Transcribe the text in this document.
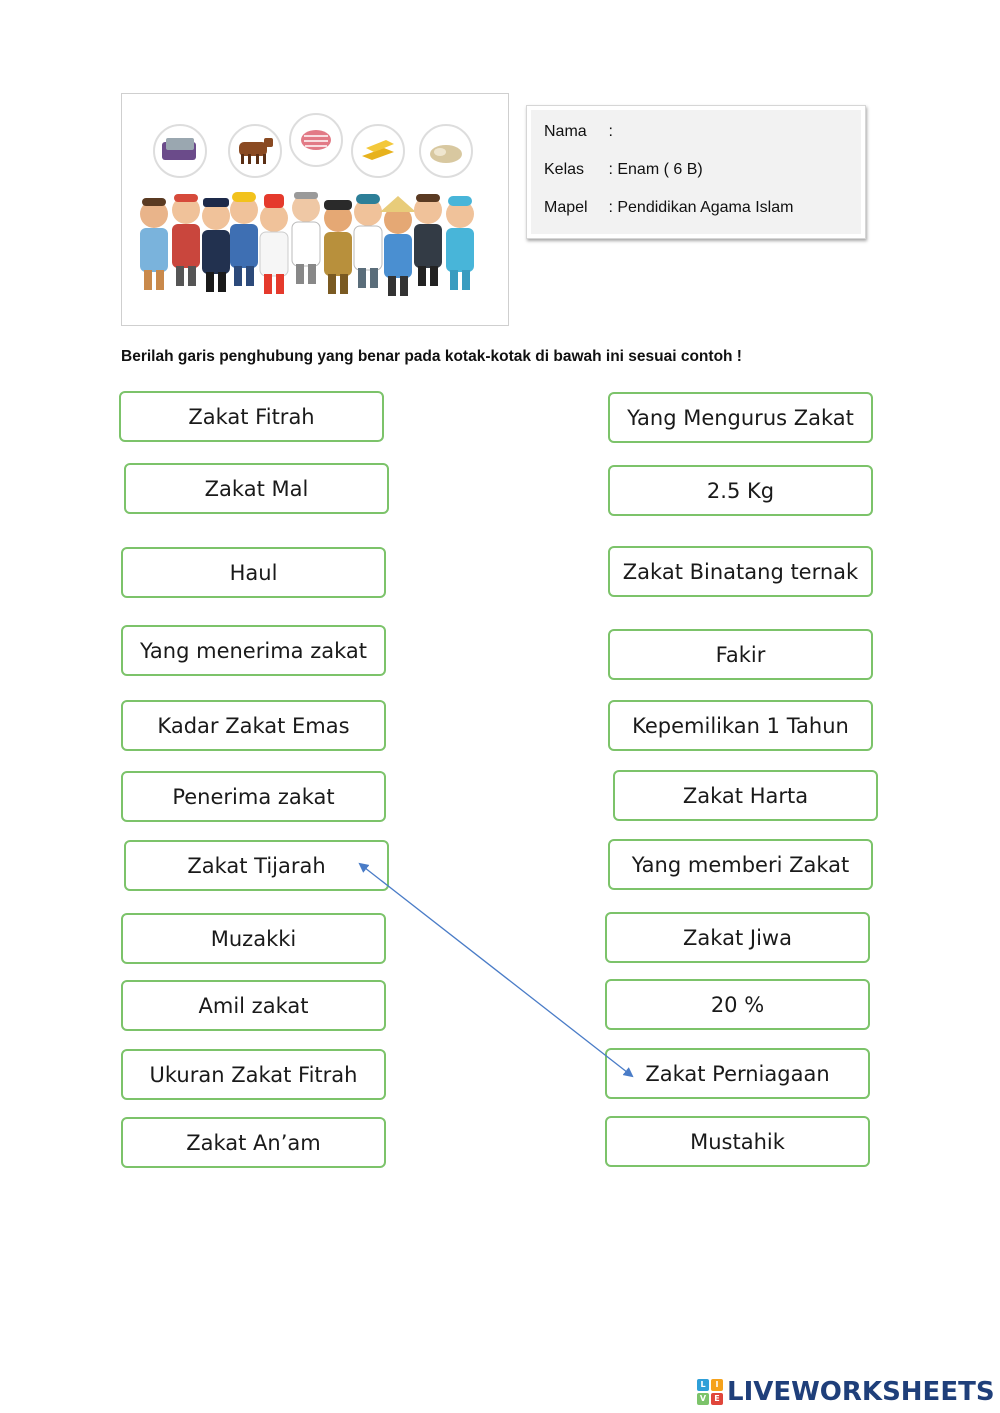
Nama :
Kelas : Enam ( 6 B)
Mapel : Pendidikan Agama Islam
Berilah garis penghubung yang benar pada kotak-kotak di bawah ini sesuai contoh !
Zakat Fitrah
Zakat Mal
Haul
Yang menerima zakat
Kadar Zakat Emas
Penerima zakat
Zakat Tijarah
Muzakki
Amil zakat
Ukuran Zakat Fitrah
Zakat An’am
Yang Mengurus Zakat
2.5 Kg
Zakat Binatang ternak
Fakir
Kepemilikan 1 Tahun
Zakat Harta
Yang memberi Zakat
Zakat Jiwa
20 %
Zakat Perniagaan
Mustahik
L	I
V	E LIVEWORKSHEETS
